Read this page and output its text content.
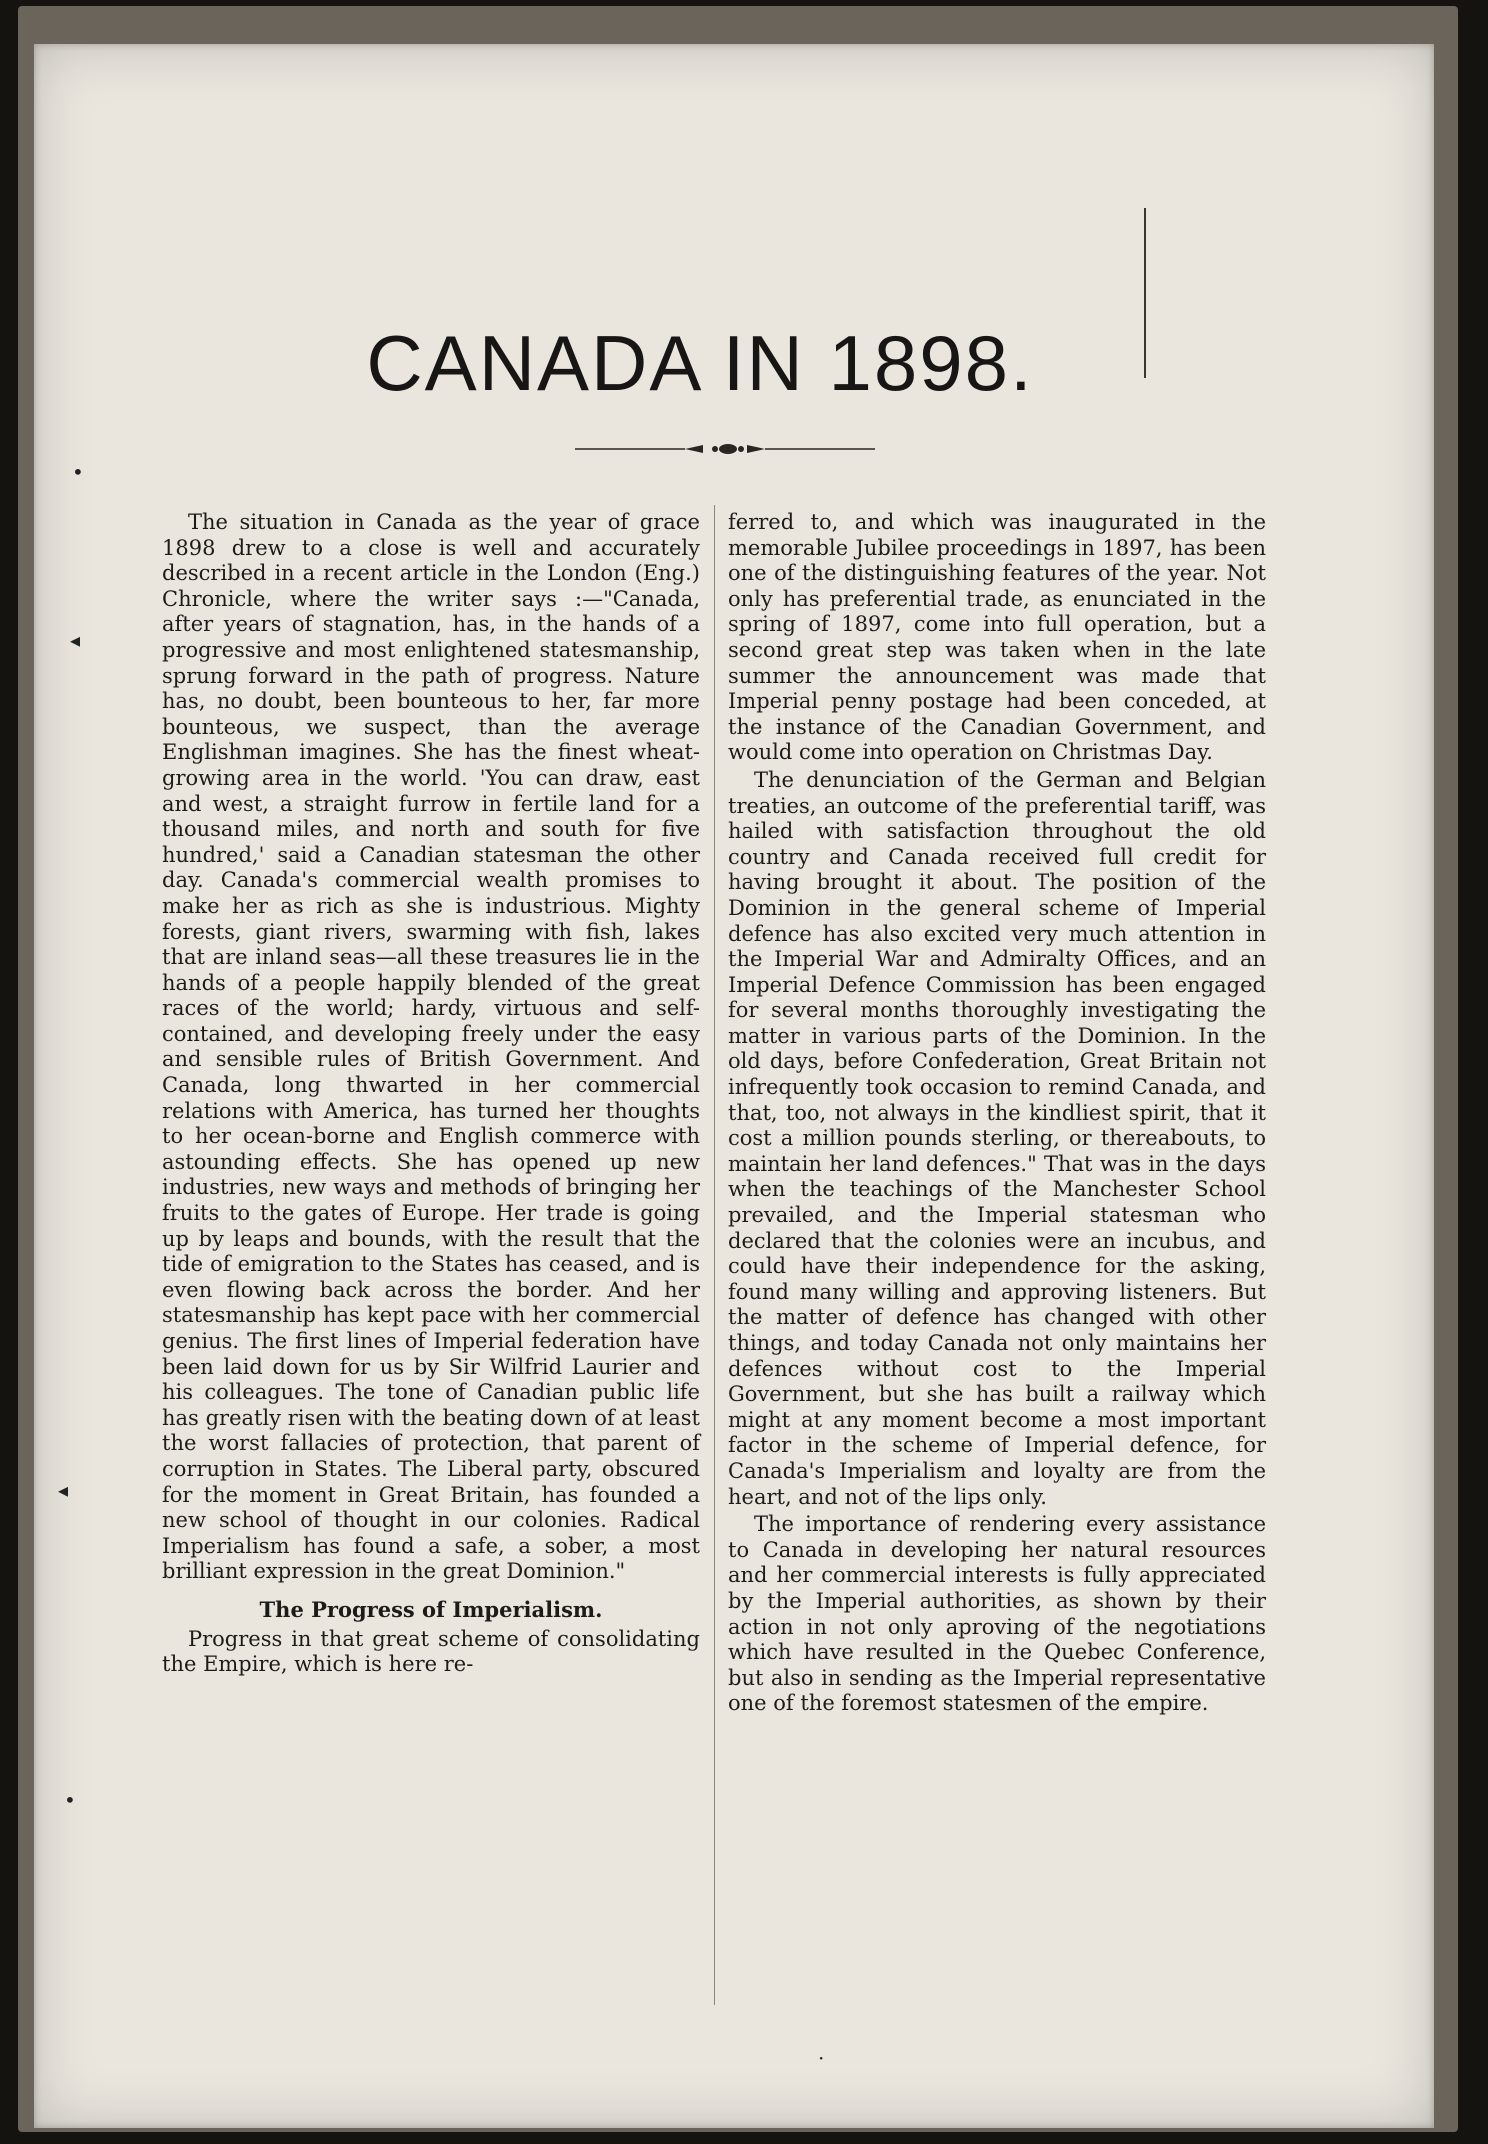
CANADA IN 1898.

The situation in Canada as the year of grace 1898 drew to a close is well and accurately described in a recent article in the London (Eng.) Chronicle, where the writer says :—"Canada, after years of stagnation, has, in the hands of a progressive and most enlightened statesmanship, sprung forward in the path of progress. Nature has, no doubt, been bounteous to her, far more bounteous, we suspect, than the average Englishman imagines. She has the finest wheat-growing area in the world. 'You can draw, east and west, a straight furrow in fertile land for a thousand miles, and north and south for five hundred,' said a Canadian statesman the other day. Canada's commercial wealth promises to make her as rich as she is industrious. Mighty forests, giant rivers, swarming with fish, lakes that are inland seas—all these treasures lie in the hands of a people happily blended of the great races of the world; hardy, virtuous and self-contained, and developing freely under the easy and sensible rules of British Government. And Canada, long thwarted in her commercial relations with America, has turned her thoughts to her ocean-borne and English commerce with astounding effects. She has opened up new industries, new ways and methods of bringing her fruits to the gates of Europe. Her trade is going up by leaps and bounds, with the result that the tide of emigration to the States has ceased, and is even flowing back across the border. And her statesmanship has kept pace with her commercial genius. The first lines of Imperial federation have been laid down for us by Sir Wilfrid Laurier and his colleagues. The tone of Canadian public life has greatly risen with the beating down of at least the worst fallacies of protection, that parent of corruption in States. The Liberal party, obscured for the moment in Great Britain, has founded a new school of thought in our colonies. Radical Imperialism has found a safe, a sober, a most brilliant expression in the great Dominion."

The Progress of Imperialism.

Progress in that great scheme of consolidating the Empire, which is here re-

ferred to, and which was inaugurated in the memorable Jubilee proceedings in 1897, has been one of the distinguishing features of the year. Not only has preferential trade, as enunciated in the spring of 1897, come into full operation, but a second great step was taken when in the late summer the announcement was made that Imperial penny postage had been conceded, at the instance of the Canadian Government, and would come into operation on Christmas Day.

The denunciation of the German and Belgian treaties, an outcome of the preferential tariff, was hailed with satisfaction throughout the old country and Canada received full credit for having brought it about. The position of the Dominion in the general scheme of Imperial defence has also excited very much attention in the Imperial War and Admiralty Offices, and an Imperial Defence Commission has been engaged for several months thoroughly investigating the matter in various parts of the Dominion. In the old days, before Confederation, Great Britain not infrequently took occasion to remind Canada, and that, too, not always in the kindliest spirit, that it cost a million pounds sterling, or thereabouts, to maintain her land defences." That was in the days when the teachings of the Manchester School prevailed, and the Imperial statesman who declared that the colonies were an incubus, and could have their independence for the asking, found many willing and approving listeners. But the matter of defence has changed with other things, and today Canada not only maintains her defences without cost to the Imperial Government, but she has built a railway which might at any moment become a most important factor in the scheme of Imperial defence, for Canada's Imperialism and loyalty are from the heart, and not of the lips only.

The importance of rendering every assistance to Canada in developing her natural resources and her commercial interests is fully appreciated by the Imperial authorities, as shown by their action in not only aproving of the negotiations which have resulted in the Quebec Conference, but also in sending as the Imperial representative one of the foremost statesmen of the empire.

•
◂
◂
•
·
